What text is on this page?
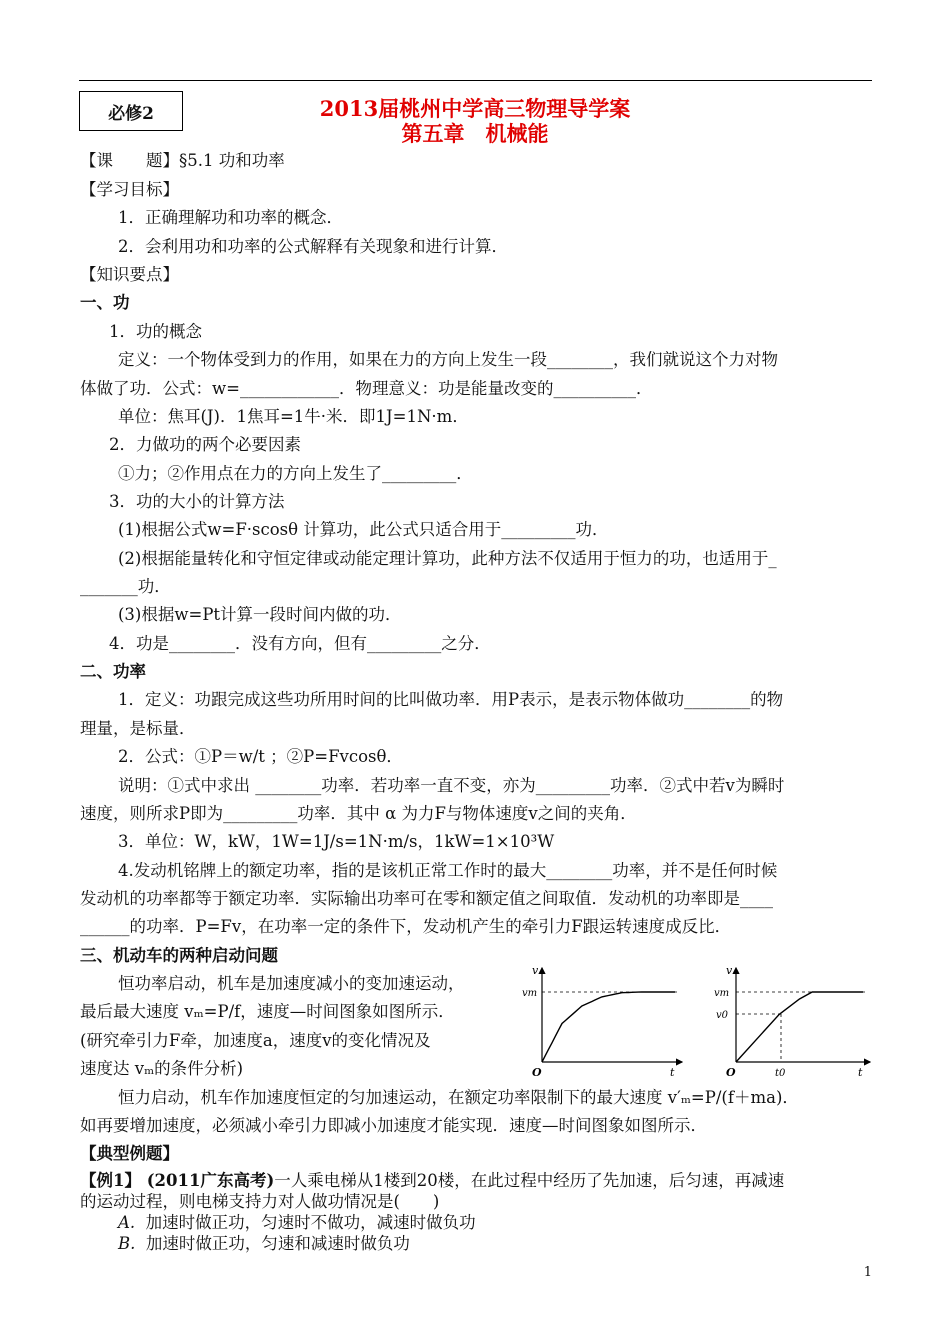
必修2	2013届桃州中学高三物理导学案
第五章　机械能
【课　　题】§5.1 功和功率
【学习目标】
1．正确理解功和功率的概念．
2．会利用功和功率的公式解释有关现象和进行计算．
【知识要点】
一、功
1．功的概念
定义：一个物体受到力的作用，如果在力的方向上发生一段________，我们就说这个力对物
体做了功．公式：w=____________．物理意义：功是能量改变的__________．
单位：焦耳(J)．1焦耳=1牛·米．即1J=1N·m．
2．力做功的两个必要因素
①力；②作用点在力的方向上发生了_________．
3．功的大小的计算方法
(1)根据公式w=F·scosθ 计算功，此公式只适合用于_________功．
(2)根据能量转化和守恒定律或动能定理计算功，此种方法不仅适用于恒力的功，也适用于_
_______功．
(3)根据w=Pt计算一段时间内做的功．
4．功是________．没有方向，但有_________之分．
二、功率
1．定义：功跟完成这些功所用时间的比叫做功率．用P表示，是表示物体做功________的物
理量，是标量．
2．公式：①P＝w/t ；②P=Fvcosθ．
说明：①式中求出 ________功率．若功率一直不变，亦为_________功率．②式中若v为瞬时
速度，则所求P即为_________功率．其中 α 为力F与物体速度v之间的夹角．
3．单位：W，kW，1W=1J/s=1N·m/s，1kW=1×10³W
4.发动机铭牌上的额定功率，指的是该机正常工作时的最大________功率，并不是任何时候
发动机的功率都等于额定功率．实际输出功率可在零和额定值之间取值．发动机的功率即是____
______的功率．P=Fv，在功率一定的条件下，发动机产生的牵引力F跟运转速度成反比．
三、机动车的两种启动问题
恒功率启动，机车是加速度减小的变加速运动，
最后最大速度 vₘ=P/f，速度—时间图象如图所示．
(研究牵引力F牵，加速度a，速度v的变化情况及
速度达 vₘ的条件分析)
恒力启动，机车作加速度恒定的匀加速运动，在额定功率限制下的最大速度 v′ₘ=P/(f＋ma)．
如再要增加速度，必须减小牵引力即减小加速度才能实现．速度—时间图象如图所示．
【典型例题】
【例1】 (2011广东高考)一人乘电梯从1楼到20楼，在此过程中经历了先加速，后匀速，再减速
的运动过程，则电梯支持力对人做功情况是(　　)
A. 加速时做正功，匀速时不做功，减速时做负功
B. 加速时做正功，匀速和减速时做负功
1
v
vm
O	t
v
vm
v0
O	t0	t
